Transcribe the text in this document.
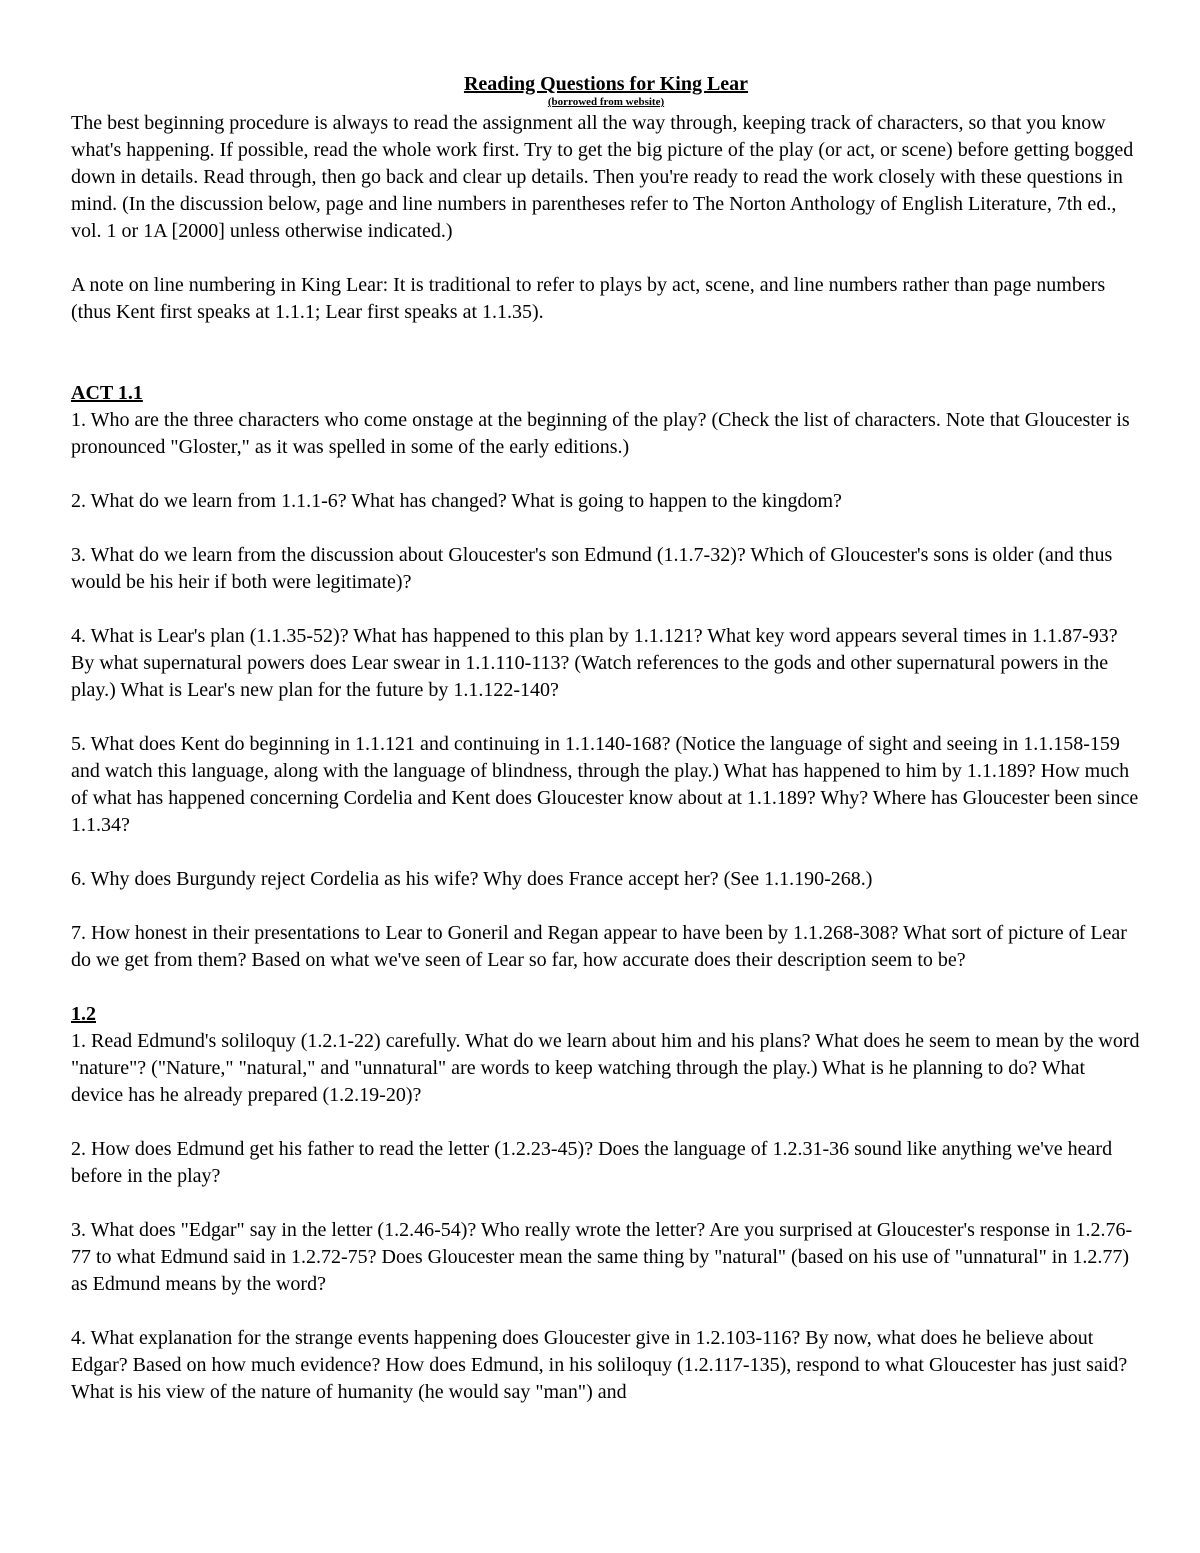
Reading Questions for King Lear
(borrowed from website)

The best beginning procedure is always to read the assignment all the way through, keeping track of characters, so that you know what's happening. If possible, read the whole work first. Try to get the big picture of the play (or act, or scene) before getting bogged down in details. Read through, then go back and clear up details. Then you're ready to read the work closely with these questions in mind. (In the discussion below, page and line numbers in parentheses refer to The Norton Anthology of English Literature, 7th ed., vol. 1 or 1A [2000] unless otherwise indicated.)

A note on line numbering in King Lear: It is traditional to refer to plays by act, scene, and line numbers rather than page numbers (thus Kent first speaks at 1.1.1; Lear first speaks at 1.1.35).

ACT 1.1

1. Who are the three characters who come onstage at the beginning of the play? (Check the list of characters. Note that Gloucester is pronounced "Gloster," as it was spelled in some of the early editions.)

2. What do we learn from 1.1.1-6? What has changed? What is going to happen to the kingdom?

3. What do we learn from the discussion about Gloucester's son Edmund (1.1.7-32)? Which of Gloucester's sons is older (and thus would be his heir if both were legitimate)?

4. What is Lear's plan (1.1.35-52)? What has happened to this plan by 1.1.121? What key word appears several times in 1.1.87-93? By what supernatural powers does Lear swear in 1.1.110-113? (Watch references to the gods and other supernatural powers in the play.) What is Lear's new plan for the future by 1.1.122-140?

5. What does Kent do beginning in 1.1.121 and continuing in 1.1.140-168? (Notice the language of sight and seeing in 1.1.158-159 and watch this language, along with the language of blindness, through the play.) What has happened to him by 1.1.189? How much of what has happened concerning Cordelia and Kent does Gloucester know about at 1.1.189? Why? Where has Gloucester been since 1.1.34?

6. Why does Burgundy reject Cordelia as his wife? Why does France accept her? (See 1.1.190-268.)

7. How honest in their presentations to Lear to Goneril and Regan appear to have been by 1.1.268-308? What sort of picture of Lear do we get from them? Based on what we've seen of Lear so far, how accurate does their description seem to be?

1.2

1. Read Edmund's soliloquy (1.2.1-22) carefully. What do we learn about him and his plans? What does he seem to mean by the word "nature"? ("Nature," "natural," and "unnatural" are words to keep watching through the play.) What is he planning to do? What device has he already prepared (1.2.19-20)?

2. How does Edmund get his father to read the letter (1.2.23-45)? Does the language of 1.2.31-36 sound like anything we've heard before in the play?

3. What does "Edgar" say in the letter (1.2.46-54)? Who really wrote the letter? Are you surprised at Gloucester's response in 1.2.76-77 to what Edmund said in 1.2.72-75? Does Gloucester mean the same thing by "natural" (based on his use of "unnatural" in 1.2.77) as Edmund means by the word?

4. What explanation for the strange events happening does Gloucester give in 1.2.103-116? By now, what does he believe about Edgar? Based on how much evidence? How does Edmund, in his soliloquy (1.2.117-135), respond to what Gloucester has just said? What is his view of the nature of humanity (he would say "man") and
